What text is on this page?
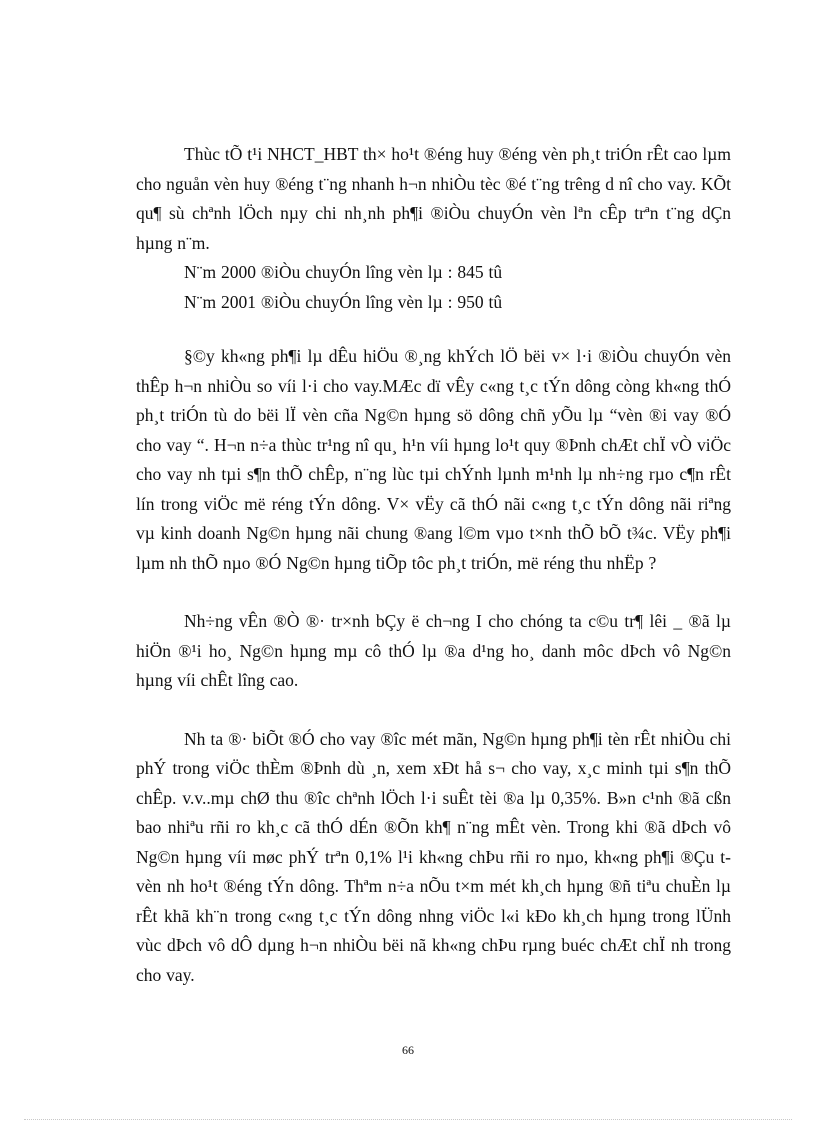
Thùc tÕ t¹i NHCT_HBT th× ho¹t ®éng huy ®éng vèn ph¸t triÓn rÊt cao lµm cho nguån vèn huy ®éng t¨ng nhanh h¬n nhiÒu tèc ®é t¨ng trêng d nî cho vay. KÕt qu¶ sù chªnh lÖch nµy chi nh¸nh ph¶i ®iÒu chuyÓn vèn lªn cÊp trªn t¨ng dÇn hµng n¨m.

N¨m 2000 ®iÒu chuyÓn lîng vèn lµ : 845 tû

N¨m 2001 ®iÒu chuyÓn lîng vèn lµ : 950 tû

§©y kh«ng ph¶i lµ dÊu hiÖu ®¸ng khÝch lÖ bëi v× l·i ®iÒu chuyÓn vèn thÊp h¬n nhiÒu so víi l·i cho vay.MÆc dï vÊy c«ng t¸c tÝn dông còng kh«ng thÓ ph¸t triÓn tù do bëi lÏ vèn cña Ng©n hµng sö dông chñ yÕu lµ “vèn ®i vay ®Ó cho vay “. H¬n n÷a thùc tr¹ng nî qu¸ h¹n víi hµng lo¹t quy ®Þnh chÆt chÏ vÒ viÖc cho vay nh tµi s¶n thÕ chÊp, n¨ng lùc tµi chÝnh lµnh m¹nh lµ nh÷ng rµo c¶n rÊt lín trong viÖc më réng tÝn dông. V× vËy cã thÓ nãi c«ng t¸c tÝn dông nãi riªng vµ kinh doanh Ng©n hµng nãi chung ®ang l©m vµo t×nh thÕ bÕ t¾c. VËy ph¶i lµm nh thÕ nµo ®Ó Ng©n hµng tiÕp tôc ph¸t triÓn, më réng thu nhËp ?

Nh÷ng vÊn ®Ò ®· tr×nh bÇy ë ch¬ng I cho chóng ta c©u tr¶ lêi _ ®ã lµ hiÖn ®¹i ho¸ Ng©n hµng mµ cô thÓ lµ ®a d¹ng ho¸ danh môc dÞch vô Ng©n hµng víi chÊt lîng cao.

Nh ta ®· biÕt ®Ó cho vay ®îc mét mãn, Ng©n hµng ph¶i tèn rÊt nhiÒu chi phÝ trong viÖc thÈm ®Þnh dù ¸n, xem xÐt hå s¬ cho vay, x¸c minh tµi s¶n thÕ chÊp. v.v..mµ chØ thu ®îc chªnh lÖch l·i suÊt tèi ®a lµ 0,35%. B»n c¹nh ®ã cßn bao nhiªu rñi ro kh¸c cã thÓ dÉn ®Õn kh¶ n¨ng mÊt vèn. Trong khi ®ã dÞch vô Ng©n hµng víi møc phÝ trªn 0,1% l¹i kh«ng chÞu rñi ro nµo, kh«ng ph¶i ®Çu t vèn nh ho¹t ®éng tÝn dông. Thªm n÷a nÕu t×m mét kh¸ch hµng ®ñ tiªu chuÈn lµ rÊt khã kh¨n trong c«ng t¸c tÝn dông nhng viÖc l«i kÐo kh¸ch hµng trong lÜnh vùc dÞch vô dÔ dµng h¬n nhiÒu bëi nã kh«ng chÞu rµng buéc chÆt chÏ nh trong cho vay.

66
